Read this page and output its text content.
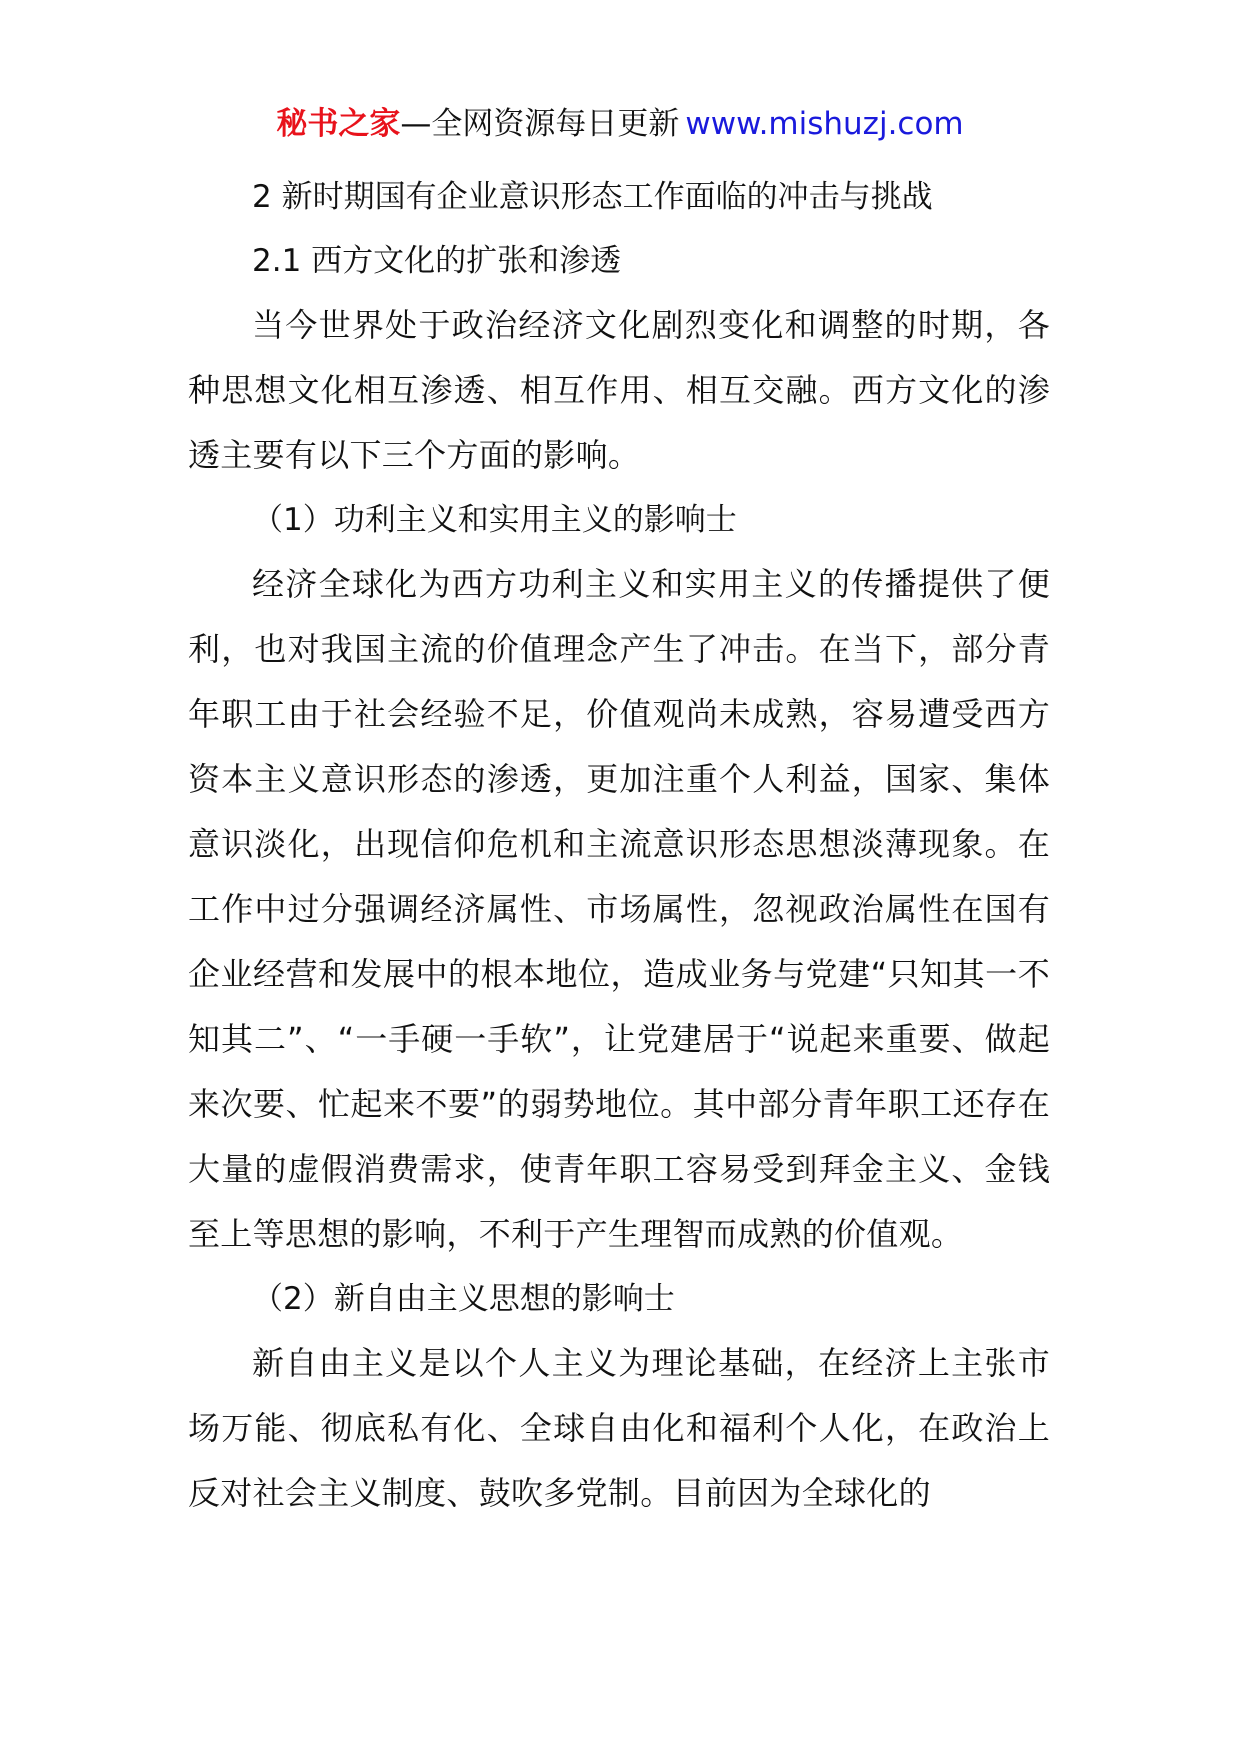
秘书之家—全网资源每日更新 www.mishuzj.com

2 新时期国有企业意识形态工作面临的冲击与挑战

2.1 西方文化的扩张和渗透

当今世界处于政治经济文化剧烈变化和调整的时期，各种思想文化相互渗透、相互作用、相互交融。西方文化的渗透主要有以下三个方面的影响。

（1）功利主义和实用主义的影响士

经济全球化为西方功利主义和实用主义的传播提供了便利，也对我国主流的价值理念产生了冲击。在当下，部分青年职工由于社会经验不足，价值观尚未成熟，容易遭受西方资本主义意识形态的渗透，更加注重个人利益，国家、集体意识淡化，出现信仰危机和主流意识形态思想淡薄现象。在工作中过分强调经济属性、市场属性，忽视政治属性在国有企业经营和发展中的根本地位，造成业务与党建“只知其一不知其二”、“一手硬一手软”，让党建居于“说起来重要、做起来次要、忙起来不要”的弱势地位。其中部分青年职工还存在大量的虚假消费需求，使青年职工容易受到拜金主义、金钱至上等思想的影响，不利于产生理智而成熟的价值观。

（2）新自由主义思想的影响士

新自由主义是以个人主义为理论基础，在经济上主张市场万能、彻底私有化、全球自由化和福利个人化，在政治上反对社会主义制度、鼓吹多党制。目前因为全球化的
